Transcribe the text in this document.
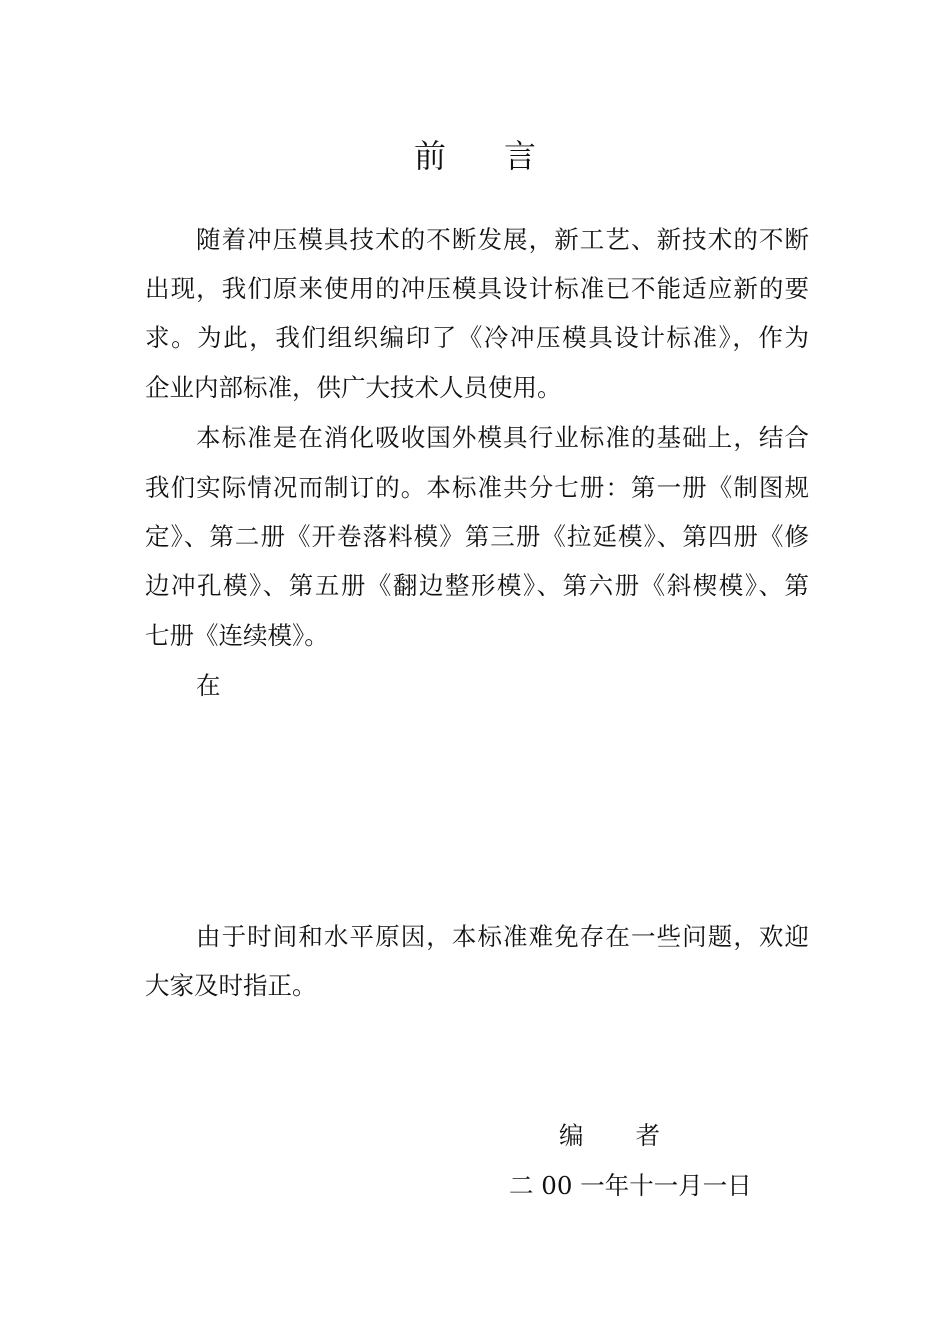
前 言
随着冲压模具技术的不断发展，新工艺、新技术的不断
出现，我们原来使用的冲压模具设计标准已不能适应新的要
求。为此，我们组织编印了《冷冲压模具设计标准》，作为
企业内部标准，供广大技术人员使用。
本标准是在消化吸收国外模具行业标准的基础上，结合
我们实际情况而制订的。本标准共分七册：第一册《制图规
定》、第二册《开卷落料模》第三册《拉延模》、第四册《修
边冲孔模》、第五册《翻边整形模》、第六册《斜楔模》、第
七册《连续模》。
在
由于时间和水平原因，本标准难免存在一些问题，欢迎
大家及时指正。
编 者
二 00 一年十一月一日
